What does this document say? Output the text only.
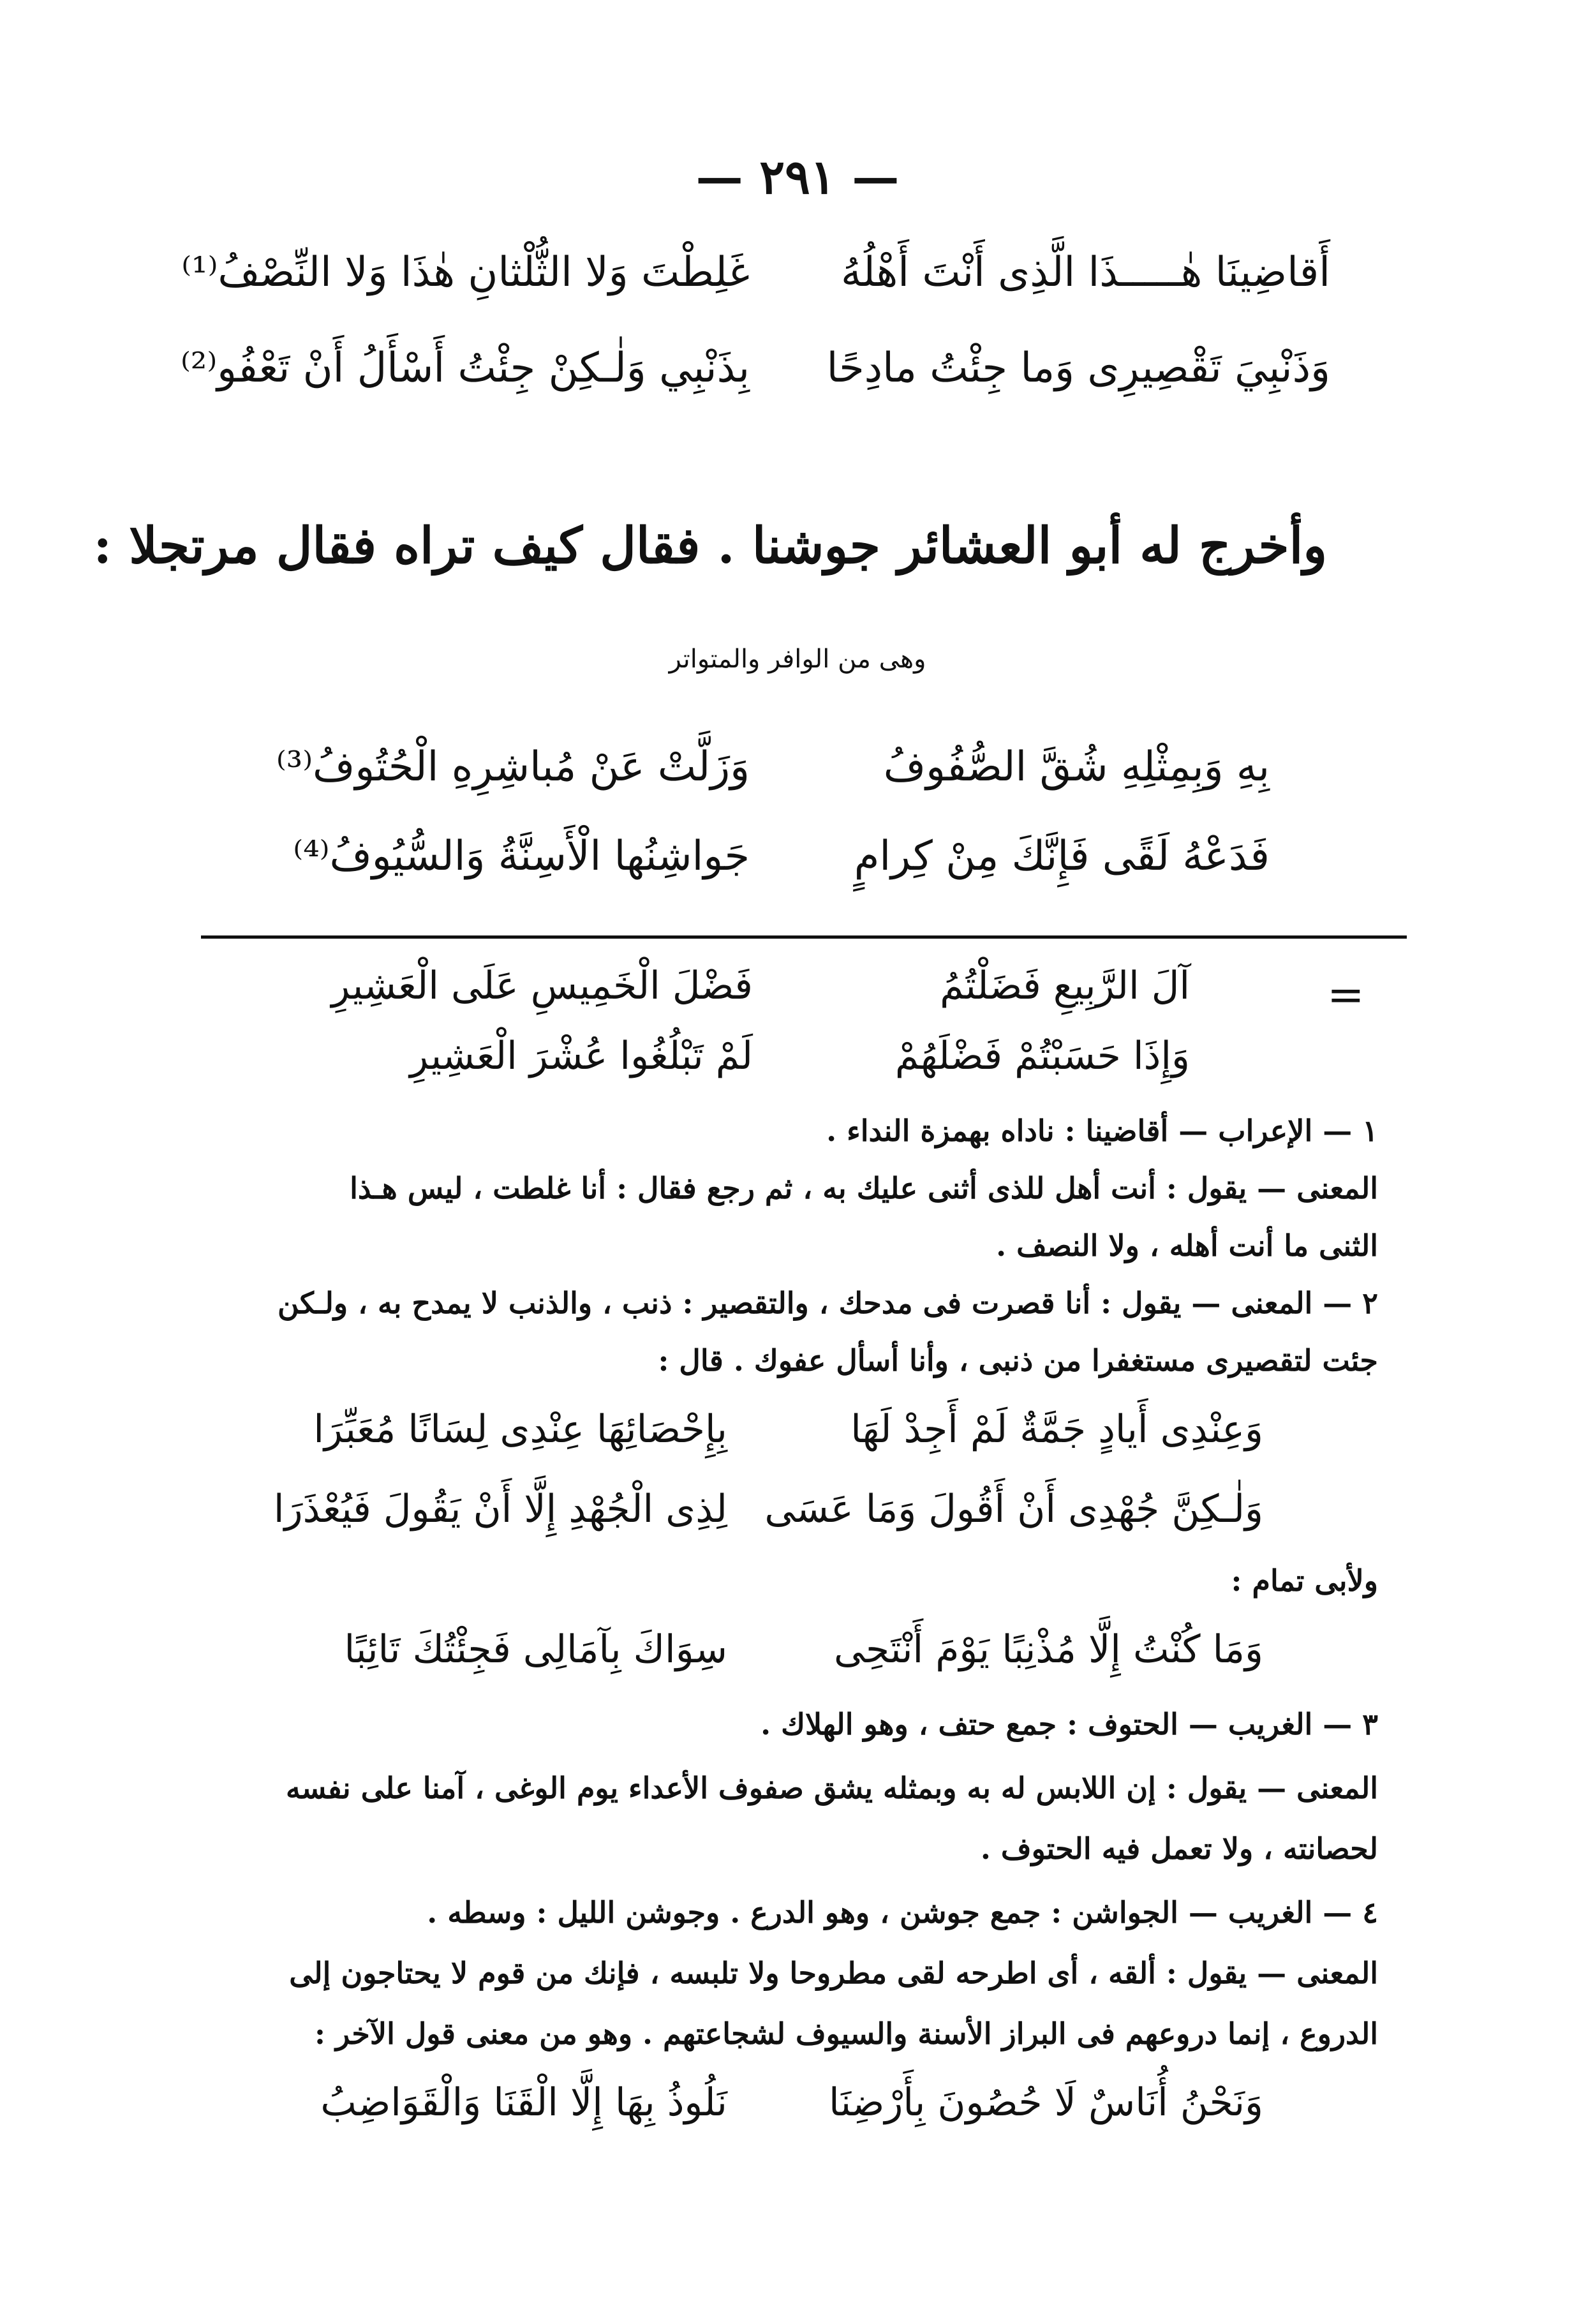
— ٢٩١ —
أَقاضِينَا هٰـــــذَا الَّذِى أَنْتَ أَهْلُهُ
غَلِطْتَ وَلا الثُّلْثانِ هٰذَا وَلا النِّصْفُ⁽¹⁾
وَذَنْبِيَ تَقْصِيرِى وَما جِئْتُ مادِحًا
بِذَنْبِي وَلٰـكِنْ جِئْتُ أَسْأَلُ أَنْ تَعْفُو⁽²⁾
وأخرج له أبو العشائر جوشنا . فقال كيف تراه فقال مرتجلا :
وهى من الوافر والمتواتر
بِهِ وَبِمِثْلِهِ شُقَّ الصُّفُوفُ
وَزَلَّتْ عَنْ مُباشِرِهِ الْحُتُوفُ⁽³⁾
فَدَعْهُ لَقًى فَإِنَّكَ مِنْ كِرامٍ
جَواشِنُها الْأَسِنَّةُ وَالسُّيُوفُ⁽⁴⁾
=
آلَ الرَّبِيعِ فَضَلْتُمُ
فَضْلَ الْخَمِيسِ عَلَى الْعَشِيرِ
وَإِذَا حَسَبْتُمْ فَضْلَهُمْ
لَمْ تَبْلُغُوا عُشْرَ الْعَشِيرِ
١ — الإعراب — أقاضينا : ناداه بهمزة النداء .
المعنى — يقول : أنت أهل للذى أثنى عليك به ، ثم رجع فقال : أنا غلطت ، ليس هـذا
الثنى ما أنت أهله ، ولا النصف .
٢ — المعنى — يقول : أنا قصرت فى مدحك ، والتقصير : ذنب ، والذنب لا يمدح به ، ولـكن
جئت لتقصيرى مستغفرا من ذنبى ، وأنا أسأل عفوك . قال :
وَعِنْدِى أَيادٍ جَمَّةٌ لَمْ أَجِدْ لَهَا
بِإِحْصَائِهَا عِنْدِى لِسَانًا مُعَبِّرَا
وَلٰـكِنَّ جُهْدِى أَنْ أَقُولَ وَمَا عَسَى
لِذِى الْجُهْدِ إِلَّا أَنْ يَقُولَ فَيُعْذَرَا
ولأبى تمام :
وَمَا كُنْتُ إِلَّا مُذْنِبًا يَوْمَ أَنْتَحِى
سِوَاكَ بِآمَالِى فَجِئْتُكَ تَائِبًا
٣ — الغريب — الحتوف : جمع حتف ، وهو الهلاك .
المعنى — يقول : إن اللابس له به وبمثله يشق صفوف الأعداء يوم الوغى ، آمنا على نفسه
لحصانته ، ولا تعمل فيه الحتوف .
٤ — الغريب — الجواشن : جمع جوشن ، وهو الدرع . وجوشن الليل : وسطه .
المعنى — يقول : ألقه ، أى اطرحه لقى مطروحا ولا تلبسه ، فإنك من قوم لا يحتاجون إلى
الدروع ، إنما دروعهم فى البراز الأسنة والسيوف لشجاعتهم . وهو من معنى قول الآخر :
وَنَحْنُ أُنَاسٌ لَا حُصُونَ بِأَرْضِنَا
نَلُوذُ بِهَا إِلَّا الْقَنَا وَالْقَوَاضِبُ
